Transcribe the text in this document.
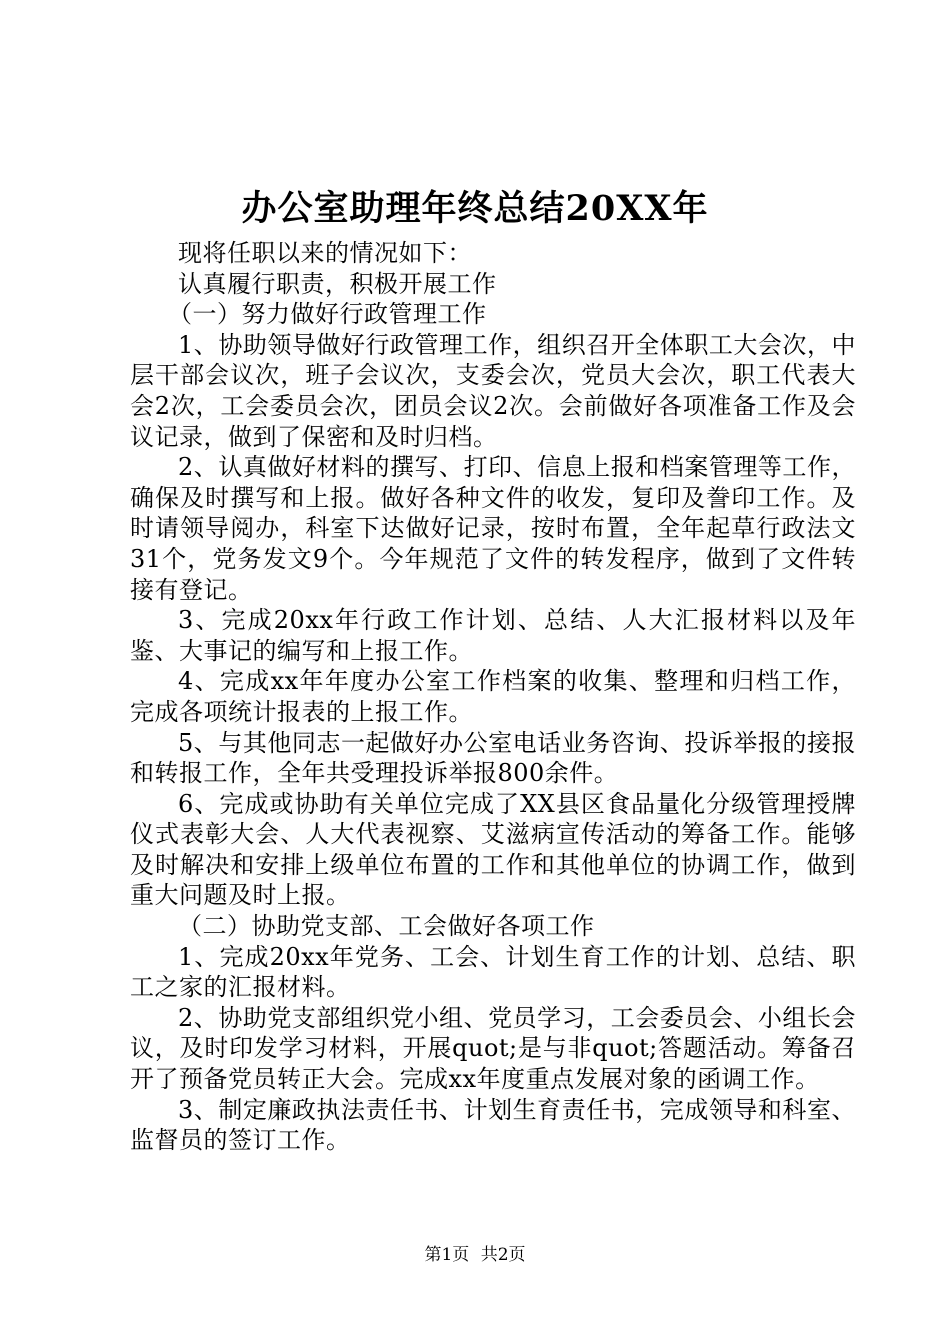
办公室助理年终总结20XX年

现将任职以来的情况如下：

认真履行职责，积极开展工作

（一）努力做好行政管理工作

1、协助领导做好行政管理工作，组织召开全体职工大会次，中层干部会议次，班子会议次，支委会次，党员大会次，职工代表大会2次，工会委员会次，团员会议2次。会前做好各项准备工作及会议记录，做到了保密和及时归档。

2、认真做好材料的撰写、打印、信息上报和档案管理等工作，确保及时撰写和上报。做好各种文件的收发，复印及誊印工作。及时请领导阅办，科室下达做好记录，按时布置，全年起草行政法文31个，党务发文9个。今年规范了文件的转发程序，做到了文件转接有登记。

3、完成20xx年行政工作计划、总结、人大汇报材料以及年鉴、大事记的编写和上报工作。

4、完成xx年年度办公室工作档案的收集、整理和归档工作，完成各项统计报表的上报工作。

5、与其他同志一起做好办公室电话业务咨询、投诉举报的接报和转报工作，全年共受理投诉举报800余件。

6、完成或协助有关单位完成了XX县区食品量化分级管理授牌仪式表彰大会、人大代表视察、艾滋病宣传活动的筹备工作。能够及时解决和安排上级单位布置的工作和其他单位的协调工作，做到重大问题及时上报。

（二）协助党支部、工会做好各项工作

1、完成20xx年党务、工会、计划生育工作的计划、总结、职工之家的汇报材料。

2、协助党支部组织党小组、党员学习，工会委员会、小组长会议，及时印发学习材料，开展quot;是与非quot;答题活动。筹备召开了预备党员转正大会。完成xx年度重点发展对象的函调工作。

3、制定廉政执法责任书、计划生育责任书，完成领导和科室、监督员的签订工作。

第1页 共2页
